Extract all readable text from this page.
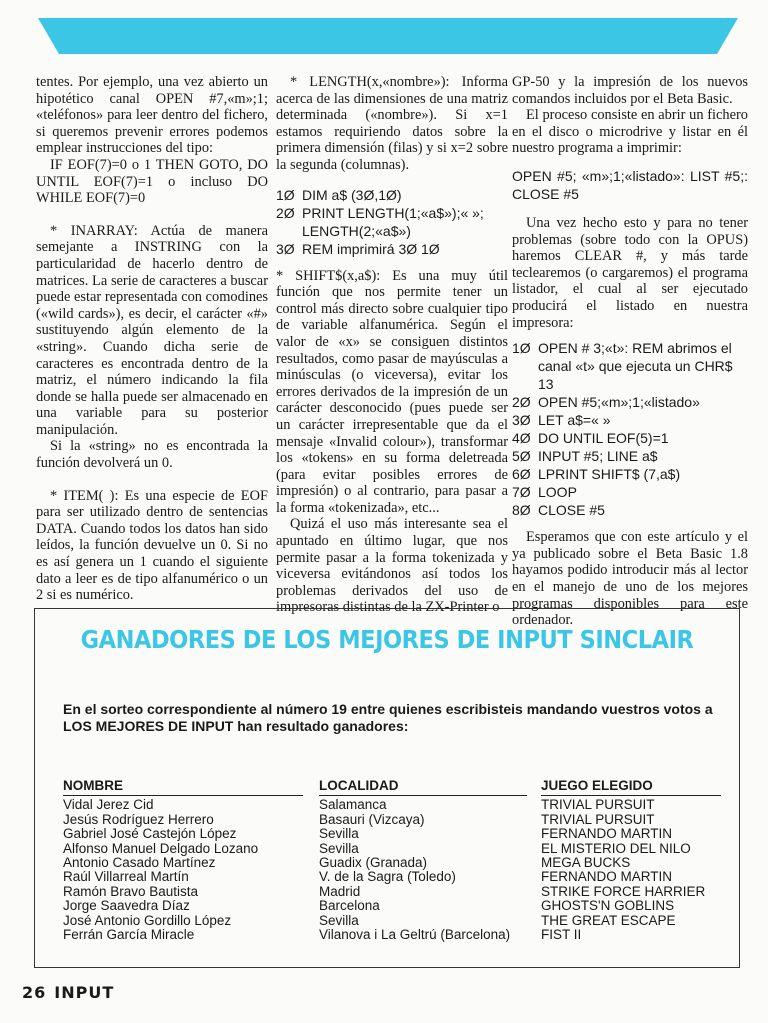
tentes. Por ejemplo, una vez abierto un hipotético canal OPEN #7,«m»;1; «teléfonos» para leer dentro del fichero, si queremos prevenir errores podemos emplear instrucciones del tipo:

IF EOF(7)=0 o 1 THEN GOTO, DO UNTIL EOF(7)=1 o incluso DO WHILE EOF(7)=0

* INARRAY: Actúa de manera semejante a INSTRING con la particularidad de hacerlo dentro de matrices. La serie de caracteres a buscar puede estar representada con comodines («wild cards»), es decir, el carácter «#» sustituyendo algún elemento de la «string». Cuando dicha serie de caracteres es encontrada dentro de la matriz, el número indicando la fila donde se halla puede ser almacenado en una variable para su posterior manipulación.

Si la «string» no es encontrada la función devolverá un 0.

* ITEM( ): Es una especie de EOF para ser utilizado dentro de sentencias DATA. Cuando todos los datos han sido leídos, la función devuelve un 0. Si no es así genera un 1 cuando el siguiente dato a leer es de tipo alfanumérico o un 2 si es numérico.

* LENGTH(x,«nombre»): Informa acerca de las dimensiones de una matriz determinada («nombre»). Si x=1 estamos requiriendo datos sobre la primera dimensión (filas) y si x=2 sobre la segunda (columnas).

1Ø DIM a$ (3Ø,1Ø)
2Ø PRINT LENGTH(1;«a$»);« »; LENGTH(2;«a$»)
3Ø REM imprimirá 3Ø 1Ø

* SHIFT$(x,a$): Es una muy útil función que nos permite tener un control más directo sobre cualquier tipo de variable alfanumérica. Según el valor de «x» se consiguen distintos resultados, como pasar de mayúsculas a minúsculas (o viceversa), evitar los errores derivados de la impresión de un carácter desconocido (pues puede ser un carácter irrepresentable que da el mensaje «Invalid colour»), transformar los «tokens» en su forma deletreada (para evitar posibles errores de impresión) o al contrario, para pasar a la forma «tokenizada», etc...

Quizá el uso más interesante sea el apuntado en último lugar, que nos permite pasar a la forma tokenizada y viceversa evitándonos así todos los problemas derivados del uso de impresoras distintas de la ZX-Printer o

GP-50 y la impresión de los nuevos comandos incluidos por el Beta Basic.

El proceso consiste en abrir un fichero en el disco o microdrive y listar en él nuestro programa a imprimir:

OPEN #5; «m»;1;«listado»: LIST #5;: CLOSE #5

Una vez hecho esto y para no tener problemas (sobre todo con la OPUS) haremos CLEAR #, y más tarde teclearemos (o cargaremos) el programa listador, el cual al ser ejecutado producirá el listado en nuestra impresora:

1Ø OPEN # 3;«t»: REM abrimos el canal «t» que ejecuta un CHR$ 13
2Ø OPEN #5;«m»;1;«listado»
3Ø LET a$=« »
4Ø DO UNTIL EOF(5)=1
5Ø INPUT #5; LINE a$
6Ø LPRINT SHIFT$ (7,a$)
7Ø LOOP
8Ø CLOSE #5

Esperamos que con este artículo y el ya publicado sobre el Beta Basic 1.8 hayamos podido introducir más al lector en el manejo de uno de los mejores programas disponibles para este ordenador.

GANADORES DE LOS MEJORES DE INPUT SINCLAIR
En el sorteo correspondiente al número 19 entre quienes escribisteis mandando vuestros votos a LOS MEJORES DE INPUT han resultado ganadores:
NOMBRE
Vidal Jerez Cid
Jesús Rodríguez Herrero
Gabriel José Castejón López
Alfonso Manuel Delgado Lozano
Antonio Casado Martínez
Raúl Villarreal Martín
Ramón Bravo Bautista
Jorge Saavedra Díaz
José Antonio Gordillo López
Ferrán García Miracle
LOCALIDAD
Salamanca
Basauri (Vizcaya)
Sevilla
Sevilla
Guadix (Granada)
V. de la Sagra (Toledo)
Madrid
Barcelona
Sevilla
Vilanova i La Geltrú (Barcelona)
JUEGO ELEGIDO
TRIVIAL PURSUIT
TRIVIAL PURSUIT
FERNANDO MARTIN
EL MISTERIO DEL NILO
MEGA BUCKS
FERNANDO MARTIN
STRIKE FORCE HARRIER
GHOSTS'N GOBLINS
THE GREAT ESCAPE
FIST II
26 INPUT
